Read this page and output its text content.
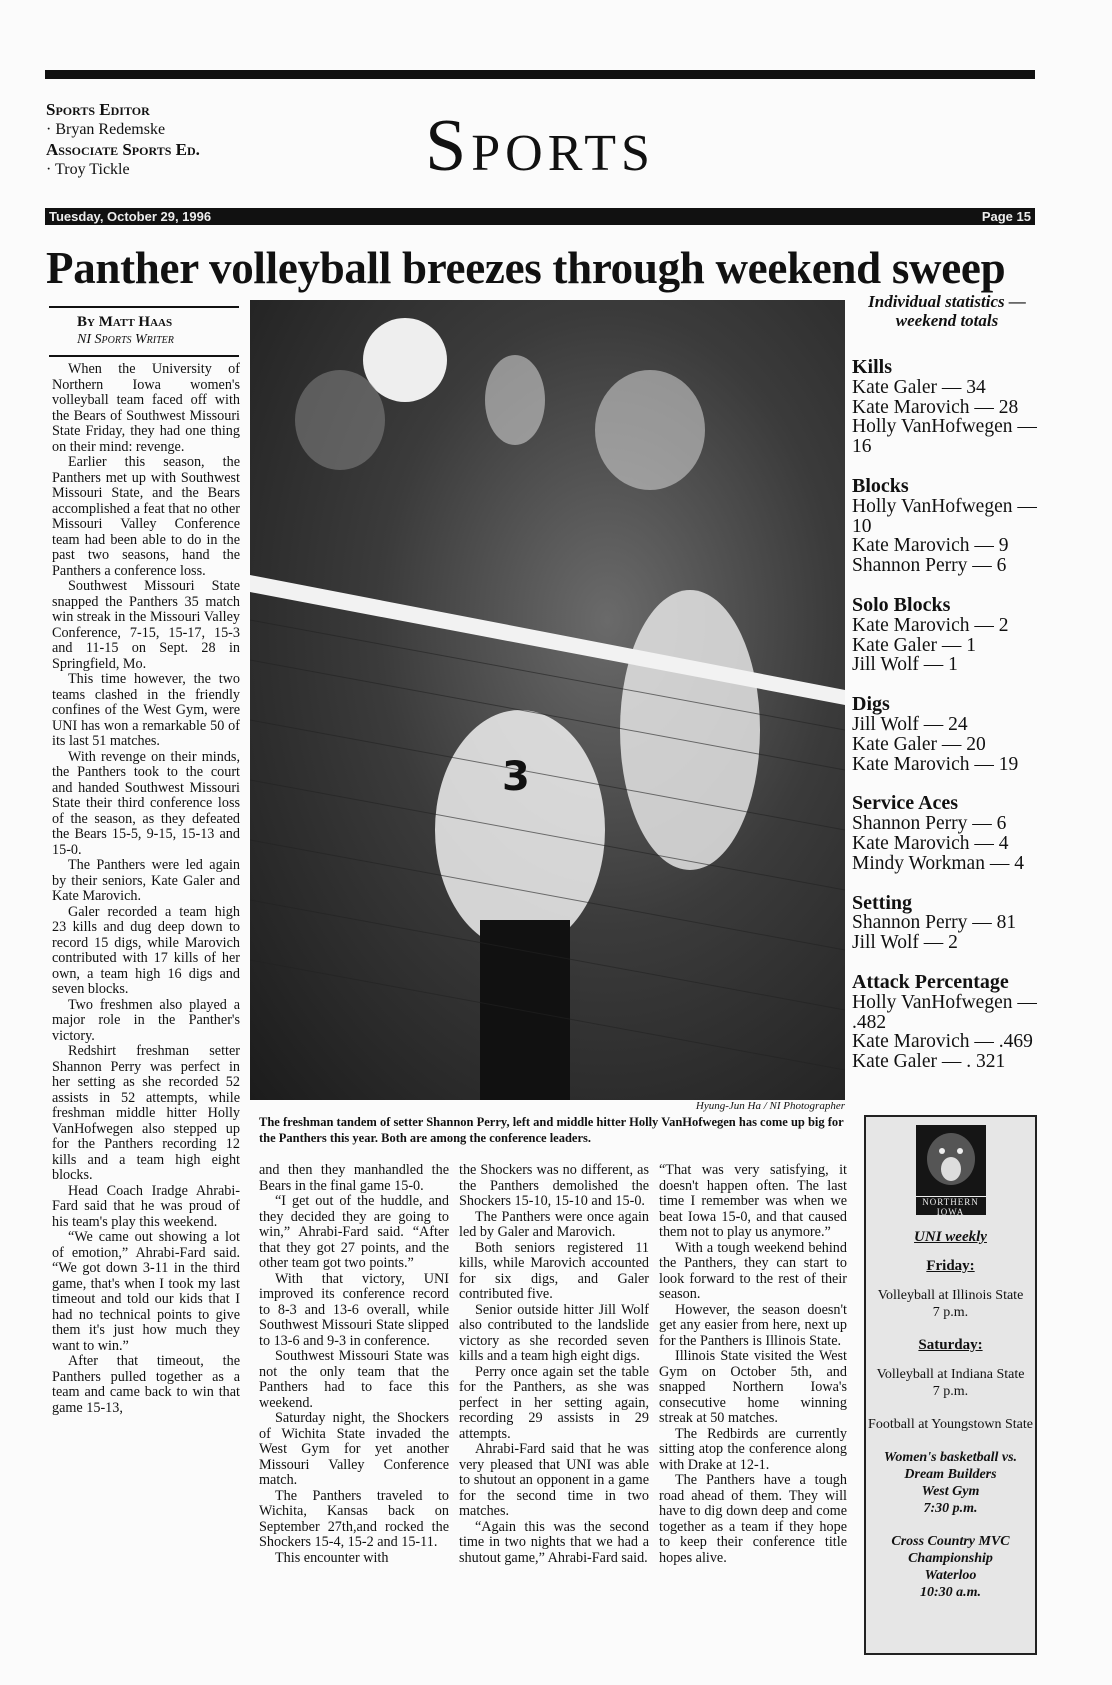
Sports Editor
· Bryan Redemske
Associate Sports Ed.
· Troy Tickle	Sports
Tuesday, October 29, 1996	Page 15
Panther volleyball breezes through weekend sweep
By Matt Haas
NI Sports Writer

When the University of Northern Iowa women's volleyball team faced off with the Bears of Southwest Missouri State Friday, they had one thing on their mind: revenge.

Earlier this season, the Panthers met up with Southwest Missouri State, and the Bears accomplished a feat that no other Missouri Valley Conference team had been able to do in the past two seasons, hand the Panthers a conference loss.

Southwest Missouri State snapped the Panthers 35 match win streak in the Missouri Valley Conference, 7-15, 15-17, 15-3 and 11-15 on Sept. 28 in Springfield, Mo.

This time however, the two teams clashed in the friendly confines of the West Gym, were UNI has won a remarkable 50 of its last 51 matches.

With revenge on their minds, the Panthers took to the court and handed Southwest Missouri State their third conference loss of the season, as they defeated the Bears 15-5, 9-15, 15-13 and 15-0.

The Panthers were led again by their seniors, Kate Galer and Kate Marovich.

Galer recorded a team high 23 kills and dug deep down to record 15 digs, while Marovich contributed with 17 kills of her own, a team high 16 digs and seven blocks.

Two freshmen also played a major role in the Panther's victory.

Redshirt freshman setter Shannon Perry was perfect in her setting as she recorded 52 assists in 52 attempts, while freshman middle hitter Holly VanHofwegen also stepped up for the Panthers recording 12 kills and a team high eight blocks.

Head Coach Iradge Ahrabi-Fard said that he was proud of his team's play this weekend.

“We came out showing a lot of emotion,” Ahrabi-Fard said. “We got down 3-11 in the third game, that's when I took my last timeout and told our kids that I had no technical points to give them it's just how much they want to win.”

After that timeout, the Panthers pulled together as a team and came back to win that game 15-13,

and then they manhandled the Bears in the final game 15-0.

“I get out of the huddle, and they decided they are going to win,” Ahrabi-Fard said. “After that they got 27 points, and the other team got two points.”

With that victory, UNI improved its conference record to 8-3 and 13-6 overall, while Southwest Missouri State slipped to 13-6 and 9-3 in conference.

Southwest Missouri State was not the only team that the Panthers had to face this weekend.

Saturday night, the Shockers of Wichita State invaded the West Gym for yet another Missouri Valley Conference match.

The Panthers traveled to Wichita, Kansas back on September 27th,and rocked the Shockers 15-4, 15-2 and 15-11.

This encounter with

the Shockers was no different, as the Panthers demolished the Shockers 15-10, 15-10 and 15-0.

The Panthers were once again led by Galer and Marovich.

Both seniors registered 11 kills, while Marovich accounted for six digs, and Galer contributed five.

Senior outside hitter Jill Wolf also contributed to the landslide victory as she recorded seven kills and a team high eight digs.

Perry once again set the table for the Panthers, as she was perfect in her setting again, recording 29 assists in 29 attempts.

Ahrabi-Fard said that he was very pleased that UNI was able to shutout an opponent in a game for the second time in two matches.

“Again this was the second time in two nights that we had a shutout game,” Ahrabi-Fard said.

“That was very satisfying, it doesn't happen often. The last time I remember was when we beat Iowa 15-0, and that caused them not to play us anymore.”

With a tough weekend behind the Panthers, they can start to look forward to the rest of their season.

However, the season doesn't get any easier from here, next up for the Panthers is Illinois State.

Illinois State visited the West Gym on October 5th, and snapped Northern Iowa's consecutive home winning streak at 50 matches.

The Redbirds are currently sitting atop the conference along with Drake at 12-1.

The Panthers have a tough road ahead of them. They will have to dig down deep and come together as a team if they hope to keep their conference title hopes alive.

3
Hyung-Jun Ha / NI Photographer
The freshman tandem of setter Shannon Perry, left and middle hitter Holly VanHofwegen has come up big for the Panthers this year. Both are among the conference leaders.
Individual statistics — weekend totals
Kills
Kate Galer — 34
Kate Marovich — 28
Holly VanHofwegen — 16
Blocks
Holly VanHofwegen — 10
Kate Marovich — 9
Shannon Perry — 6
Solo Blocks
Kate Marovich — 2
Kate Galer — 1
Jill Wolf — 1
Digs
Jill Wolf — 24
Kate Galer — 20
Kate Marovich — 19
Service Aces
Shannon Perry — 6
Kate Marovich — 4
Mindy Workman — 4
Setting
Shannon Perry — 81
Jill Wolf — 2
Attack Percentage
Holly VanHofwegen — .482
Kate Marovich — .469
Kate Galer — . 321
NORTHERN IOWA
UNI weekly
Friday:
Volleyball at Illinois State
7 p.m.
Saturday:
Volleyball at Indiana State
7 p.m.
Football at Youngstown State
Women's basketball vs. Dream Builders
West Gym
7:30 p.m.
Cross Country MVC Championship
Waterloo
10:30 a.m.
